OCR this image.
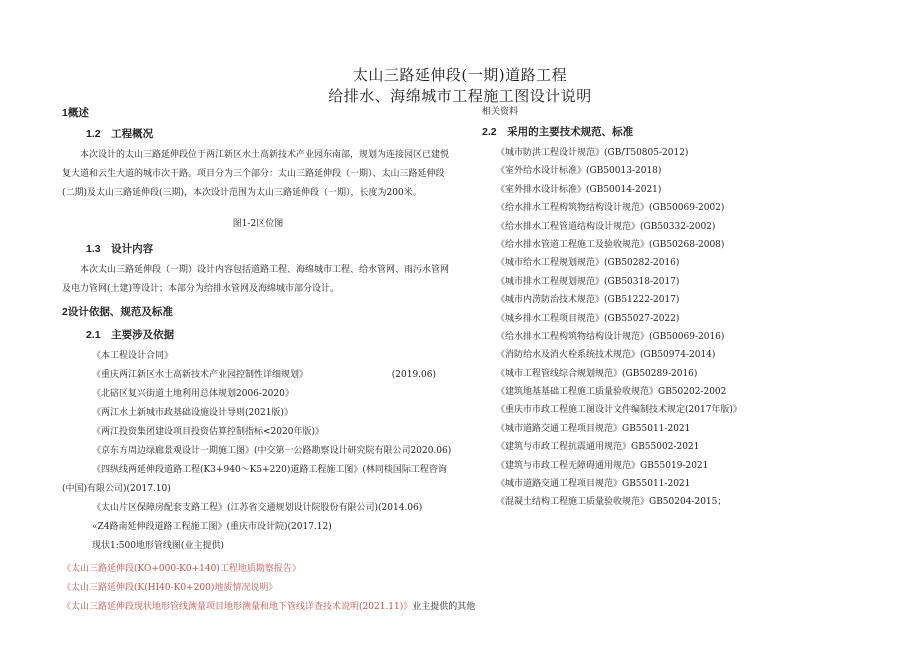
太山三路延伸段(一期)道路工程
给排水、海绵城市工程施工图设计说明
1概述
1.2　工程概况
本次设计的太山三路延伸段位于两江新区水土高新技术产业园东南部，规划为连接园区已建悦复大道和云生大道的城市次干路。项目分为三个部分：太山三路延伸段（一期）、太山三路延伸段(二期)及太山三路延伸段(三期)，本次设计范围为太山三路延伸段（一期），长度为200米。
图1-2区位图
1.3　设计内容
本次太山三路延伸段（一期）设计内容包括道路工程、海绵城市工程、给水管网、雨污水管网及电力管网(土建)等设计；本部分为给排水管网及海绵城市部分设计。
2设计依据、规范及标准
2.1　主要涉及依据
《本工程设计合同》
《重庆两江新区水土高新技术产业园控制性详细规划》	(2019.06)
《北碚区复兴街道土地利用总体规划2006-2020》
《两江水土新城市政基础设施设计导则(2021版)》
《两江投资集团建设项目投资估算控制指标<2020年版)》
《京东方周边绿廊景观设计一期施工图》(中交第一公路勘察设计研究院有限公司2020.06)
《四纵线两延伸段道路工程(K3+940～K5+220)道路工程施工图》(林同棪国际工程咨询(中国)有限公司)(2017.10)
《太山片区保障房配套支路工程》(江苏省交通规划设计院股份有限公司)(2014.06)
«Z4路南延伸段道路工程施工图》(重庆市设计院)(2017.12)
现状1:500地形管线图(业主提供)
《太山三路延伸段(KO+000-K0+140)工程地质勘察报告》
《太山三路延伸段(K(HI40-K0+200)地质情况说明》
《太山三路延伸段现状地形管线测量项目地形测量和地下管线详查技术说明(2021.11)》业主提供的其他
相关资料
2.2　采用的主要技术规范、标准
《城市防洪工程设计规范》(GB/T50805-2012)
《室外给水设计标准》(GB50013-2018)
《室外排水设计标准》(GB50014-2021)
《给水排水工程构筑物结构设计规范》(GB50069-2002)
《给水排水工程管道结构设计规范》(GB50332-2002)
《给水排水管道工程施工及验收规范》(GB50268-2008)
《城市给水工程规划规范》(GB50282-2016)
《城市排水工程规划规范》(GB50318-2017)
《城市内涝防治技术规范》(GB51222-2017)
《城乡排水工程项目规范》(GB55027-2022)
《给水排水工程构筑物结构设计规范》(GB50069-2016)
《消防给水及消火栓系统技术规范》(GB50974-2014)
《城市工程管线综合规划规范》(GB50289-2016)
《建筑地基基础工程施工质量验收规范》GB50202-2002
《重庆市市政工程施工图设计文件编制技术规定(2017年版)》
《城市道路交通工程项目规范》GB55011-2021
《建筑与市政工程抗震通用规范》GB55002-2021
《建筑与市政工程无障碍通用规范》GB55019-2021
《城市道路交通工程项目规范》GB55011-2021
《混凝土结构工程施工质量验收规范》GB50204-2015；
